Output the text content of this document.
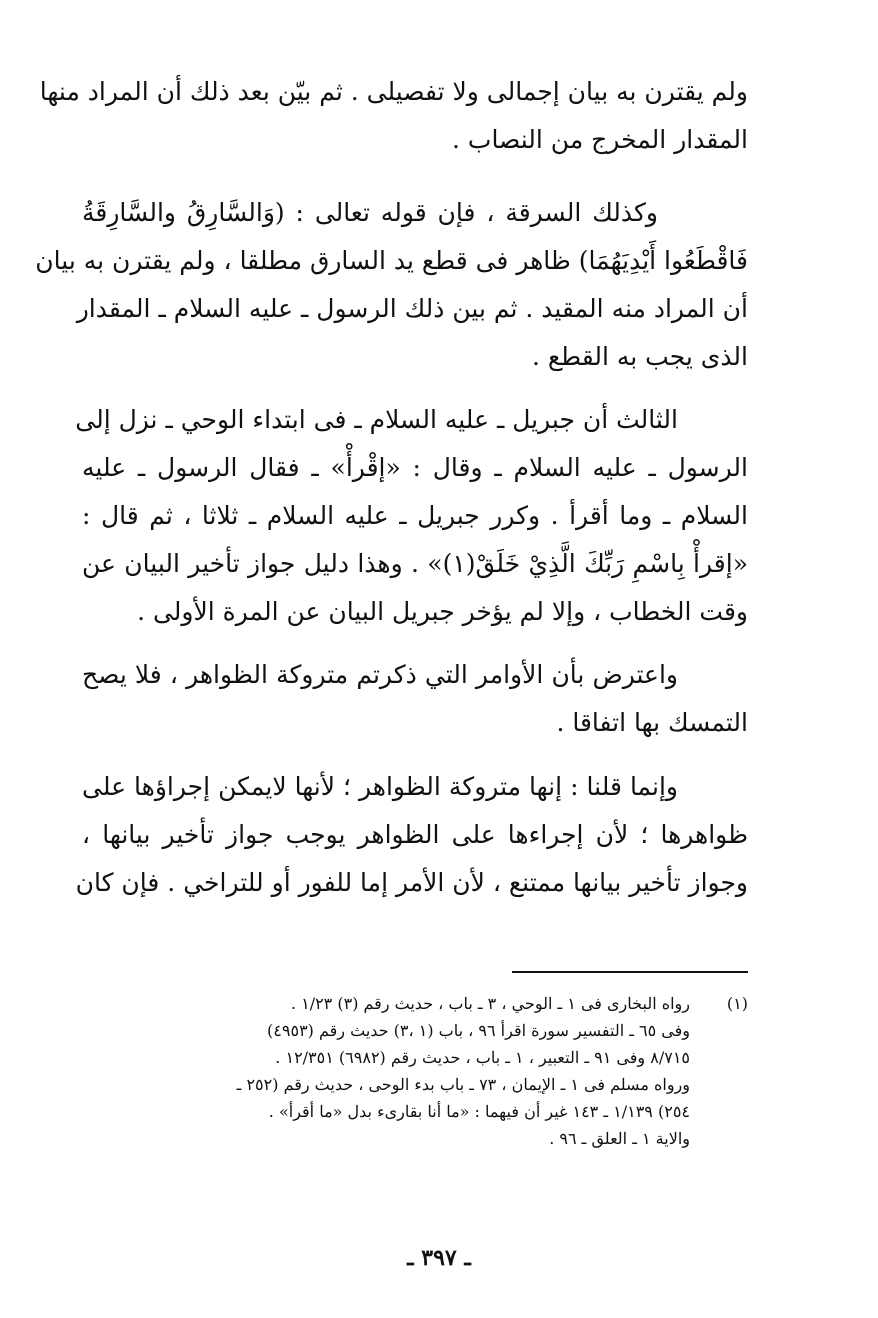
ولم يقترن به بيان إجمالى ولا تفصيلى . ثم بيّن بعد ذلك أن المراد منها
المقدار المخرج من النصاب .
وكذلك السرقة ، فإن قوله تعالى : (وَالسَّارِقُ والسَّارِقَةُ
فَاقْطَعُوا أَيْدِيَهُمَا) ظاهر فى قطع يد السارق مطلقا ، ولم يقترن به بيان
أن المراد منه المقيد . ثم بين ذلك الرسول ـ عليه السلام ـ المقدار
الذى يجب به القطع .
الثالث أن جبريل ـ عليه السلام ـ فى ابتداء الوحي ـ نزل إلى
الرسول ـ عليه السلام ـ وقال : «إقْرأْ» ـ فقال الرسول ـ عليه
السلام ـ وما أقرأ . وكرر جبريل ـ عليه السلام ـ ثلاثا ، ثم قال :
«إقرأْ بِاسْمِ رَبِّكَ الَّذِيْ خَلَقْ(١)» . وهذا دليل جواز تأخير البيان عن
وقت الخطاب ، وإلا لم يؤخر جبريل البيان عن المرة الأولى .
واعترض بأن الأوامر التي ذكرتم متروكة الظواهر ، فلا يصح
التمسك بها اتفاقا .
وإنما قلنا : إنها متروكة الظواهر ؛ لأنها لايمكن إجراؤها على
ظواهرها ؛ لأن إجراءها على الظواهر يوجب جواز تأخير بيانها ،
وجواز تأخير بيانها ممتنع ، لأن الأمر إما للفور أو للتراخي . فإن كان
(١)
رواه البخارى فى ١ ـ الوحي ، ٣ ـ باب ، حديث رقم (٣) ١/٢٣ .
وفى ٦٥ ـ التفسير سورة اقرأ ٩٦ ، باب (١ ،٣) حديث رقم (٤٩٥٣)
٨/٧١٥ وفى ٩١ ـ التعبير ، ١ ـ باب ، حديث رقم (٦٩٨٢) ١٢/٣٥١ .
ورواه مسلم فى ١ ـ الإيمان ، ٧٣ ـ باب بدء الوحى ، حديث رقم (٢٥٢ ـ
٢٥٤) ١/١٣٩ ـ ١٤٣ غير أن فيهما : «ما أنا بقارىء بدل «ما أقرأ» .
والاية ١ ـ العلق ـ ٩٦ .
ـ ٣٩٧ ـ
